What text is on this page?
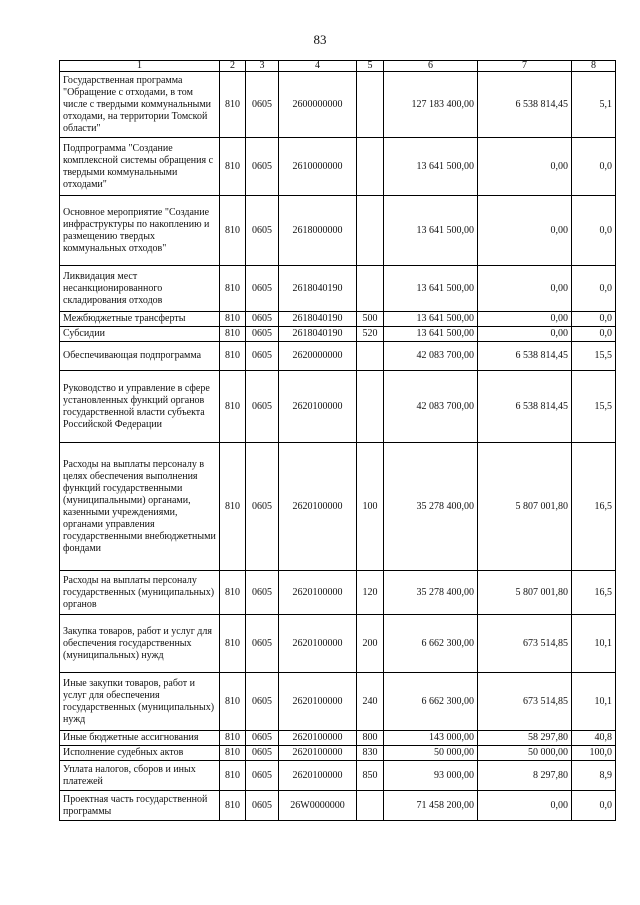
83
1	2	3	4	5	6	7	8
Государственная программа "Обращение с отходами, в том числе с твердыми коммунальными отходами, на территории Томской области"	810	0605	2600000000		127 183 400,00	6 538 814,45	5,1
Подпрограмма "Создание комплексной системы обращения с твердыми коммунальными отходами"	810	0605	2610000000		13 641 500,00	0,00	0,0
Основное мероприятие "Создание инфраструктуры по накоплению и размещению твердых коммунальных отходов"	810	0605	2618000000		13 641 500,00	0,00	0,0
Ликвидация мест несанкционированного складирования отходов	810	0605	2618040190		13 641 500,00	0,00	0,0
Межбюджетные трансферты	810	0605	2618040190	500	13 641 500,00	0,00	0,0
Субсидии	810	0605	2618040190	520	13 641 500,00	0,00	0,0
Обеспечивающая подпрограмма	810	0605	2620000000		42 083 700,00	6 538 814,45	15,5
Руководство и управление в сфере установленных функций органов государственной власти субъекта Российской Федерации	810	0605	2620100000		42 083 700,00	6 538 814,45	15,5
Расходы на выплаты персоналу в целях обеспечения выполнения функций государственными (муниципальными) органами, казенными учреждениями, органами управления государственными внебюджетными фондами	810	0605	2620100000	100	35 278 400,00	5 807 001,80	16,5
Расходы на выплаты персоналу государственных (муниципальных) органов	810	0605	2620100000	120	35 278 400,00	5 807 001,80	16,5
Закупка товаров, работ и услуг для обеспечения государственных (муниципальных) нужд	810	0605	2620100000	200	6 662 300,00	673 514,85	10,1
Иные закупки товаров, работ и услуг для обеспечения государственных (муниципальных) нужд	810	0605	2620100000	240	6 662 300,00	673 514,85	10,1
Иные бюджетные ассигнования	810	0605	2620100000	800	143 000,00	58 297,80	40,8
Исполнение судебных актов	810	0605	2620100000	830	50 000,00	50 000,00	100,0
Уплата налогов, сборов и иных платежей	810	0605	2620100000	850	93 000,00	8 297,80	8,9
Проектная часть государственной программы	810	0605	26W0000000		71 458 200,00	0,00	0,0
